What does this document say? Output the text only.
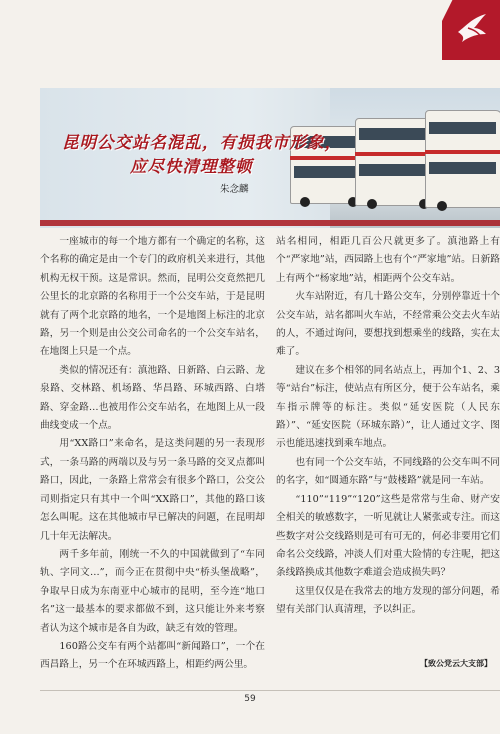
昆明公交站名混乱，有损我市形象，
应尽快清理整顿
朱念麟

一座城市的每一个地方都有一个确定的名称，这个名称的确定是由一个专门的政府机关来进行，其他机构无权干预。这是常识。然而，昆明公交竟然把几公里长的北京路的名称用于一个公交车站，于是昆明就有了两个北京路的地名，一个是地图上标注的北京路，另一个则是由公交公司命名的一个公交车站名，在地图上只是一个点。

类似的情况还有：滇池路、日新路、白云路、龙泉路、交林路、机场路、华昌路、环城西路、白塔路、穿金路…也被用作公交车站名，在地图上从一段曲线变成一个点。

用“XX路口”来命名，是这类问题的另一表现形式，一条马路的两端以及与另一条马路的交叉点都叫路口，因此，一条路上常常会有很多个路口，公交公司则指定只有其中一个叫“XX路口”，其他的路口该怎么叫呢。这在其他城市早已解决的问题，在昆明却几十年无法解决。

两千多年前，刚统一不久的中国就做到了“车同轨、字同文…”，而今正在贯彻中央“桥头堡战略”，争取早日成为东南亚中心城市的昆明，至今连“地口名”这一最基本的要求都做不到，这只能让外来考察者认为这个城市是各自为政，缺乏有效的管理。

160路公交车有两个站都叫“新闻路口”，一个在西昌路上，另一个在环城西路上，相距约两公里。

站名相同，相距几百公尺就更多了。滇池路上有个“严家地”站，西园路上也有个“严家地”站。日新路上有两个“杨家地”站，相距两个公交车站。

火车站附近，有几十路公交车，分别停靠近十个公交车站，站名都叫火车站，不经常乘公交去火车站的人，不通过询问，要想找到想乘坐的线路，实在太难了。

建议在多个相邻的同名站点上，再加个1、2、3等“站台”标注，使站点有所区分，便于公车站名，乘车指示牌等的标注。类似“延安医院（人民东路）”、“延安医院（环城东路）”，让人通过文字、图示也能迅速找到乘车地点。

也有同一个公交车站，不同线路的公交车叫不同的名字，如“圆通东路”与“鼓楼路”就是同一车站。

“110”“119”“120”这些是常常与生命、财产安全相关的敏感数字，一听见就让人紧张或专注。而这些数字对公交线路则是可有可无的，何必非要用它们命名公交线路，冲淡人们对重大险情的专注呢，把这条线路换成其他数字难道会造成损失吗？

这里仅仅是在我常去的地方发现的部分问题，希望有关部门认真清理，予以纠正。

【致公党云大支部】
59
